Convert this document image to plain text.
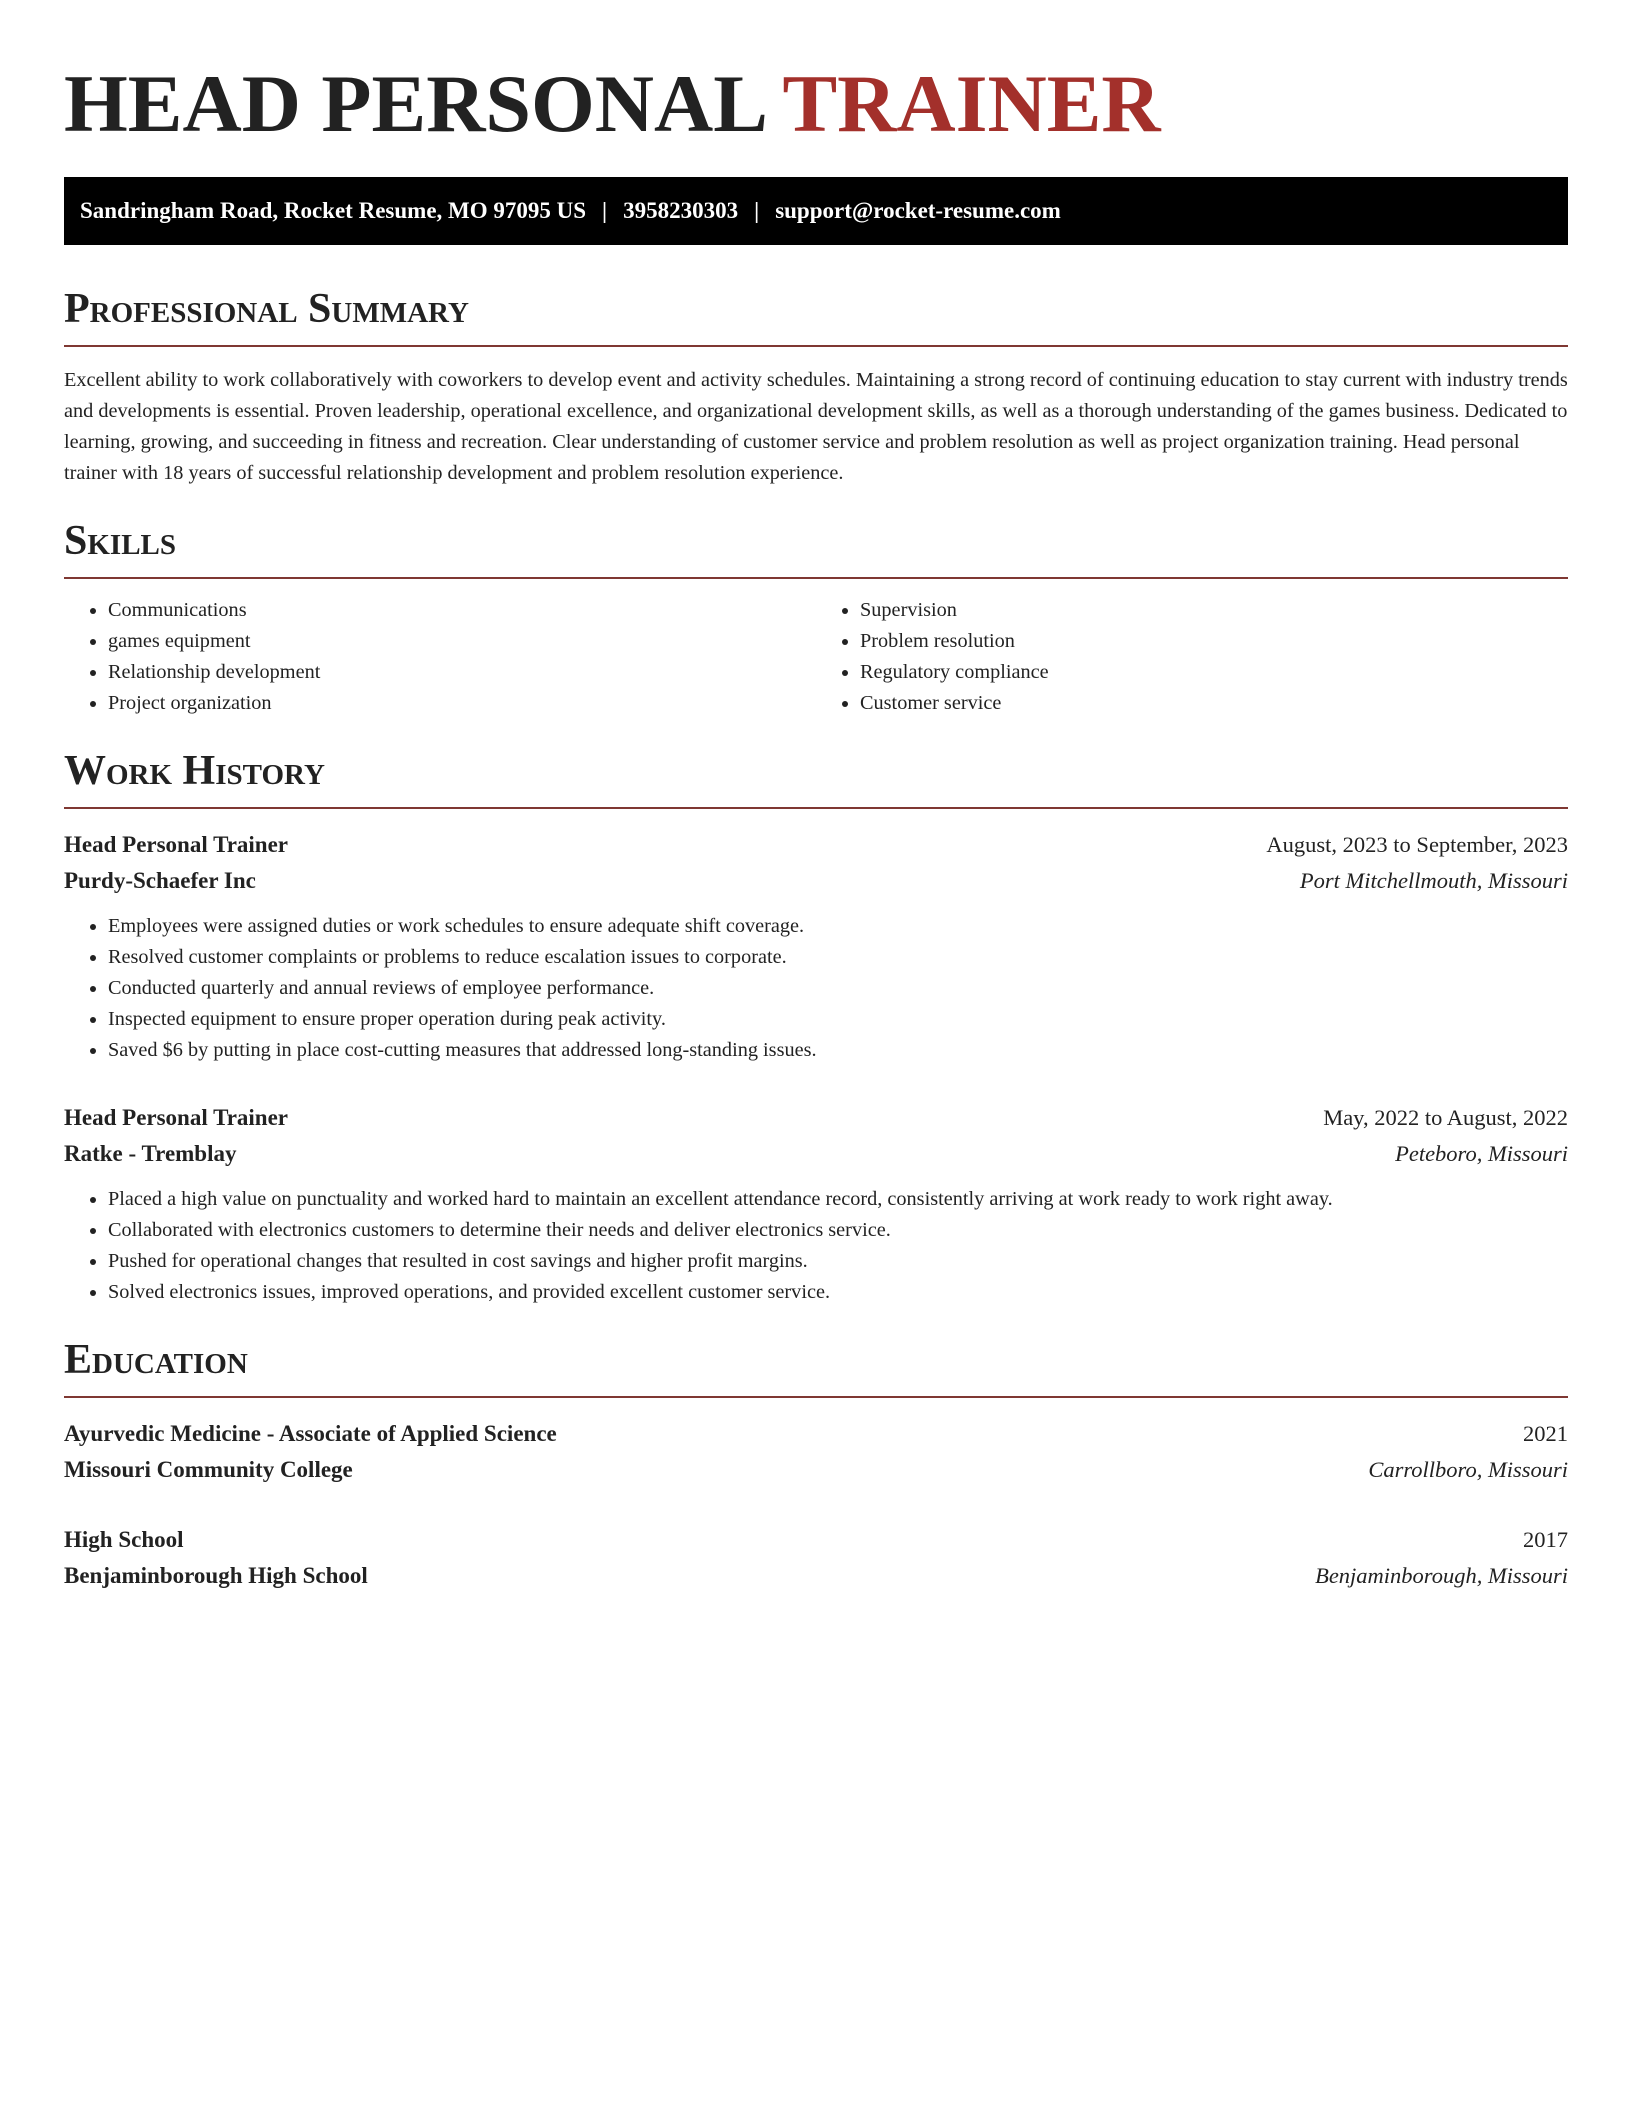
HEAD PERSONAL TRAINER
Sandringham Road, Rocket Resume, MO 97095 US | 3958230303 | support@rocket-resume.com
Professional Summary

Excellent ability to work collaboratively with coworkers to develop event and activity schedules. Maintaining a strong record of continuing education to stay current with industry trends and developments is essential. Proven leadership, operational excellence, and organizational development skills, as well as a thorough understanding of the games business. Dedicated to learning, growing, and succeeding in fitness and recreation. Clear understanding of customer service and problem resolution as well as project organization training. Head personal trainer with 18 years of successful relationship development and problem resolution experience.

Skills
• Communications
• games equipment
• Relationship development
• Project organization
• Supervision
• Problem resolution
• Regulatory compliance
• Customer service
Work History
Head Personal Trainer	August, 2023 to September, 2023
Purdy-Schaefer Inc	Port Mitchellmouth, Missouri
• Employees were assigned duties or work schedules to ensure adequate shift coverage.
• Resolved customer complaints or problems to reduce escalation issues to corporate.
• Conducted quarterly and annual reviews of employee performance.
• Inspected equipment to ensure proper operation during peak activity.
• Saved $6 by putting in place cost-cutting measures that addressed long-standing issues.
Head Personal Trainer	May, 2022 to August, 2022
Ratke - Tremblay	Peteboro, Missouri
• Placed a high value on punctuality and worked hard to maintain an excellent attendance record, consistently arriving at work ready to work right away.
• Collaborated with electronics customers to determine their needs and deliver electronics service.
• Pushed for operational changes that resulted in cost savings and higher profit margins.
• Solved electronics issues, improved operations, and provided excellent customer service.
Education
Ayurvedic Medicine - Associate of Applied Science	2021
Missouri Community College	Carrollboro, Missouri
High School	2017
Benjaminborough High School	Benjaminborough, Missouri
